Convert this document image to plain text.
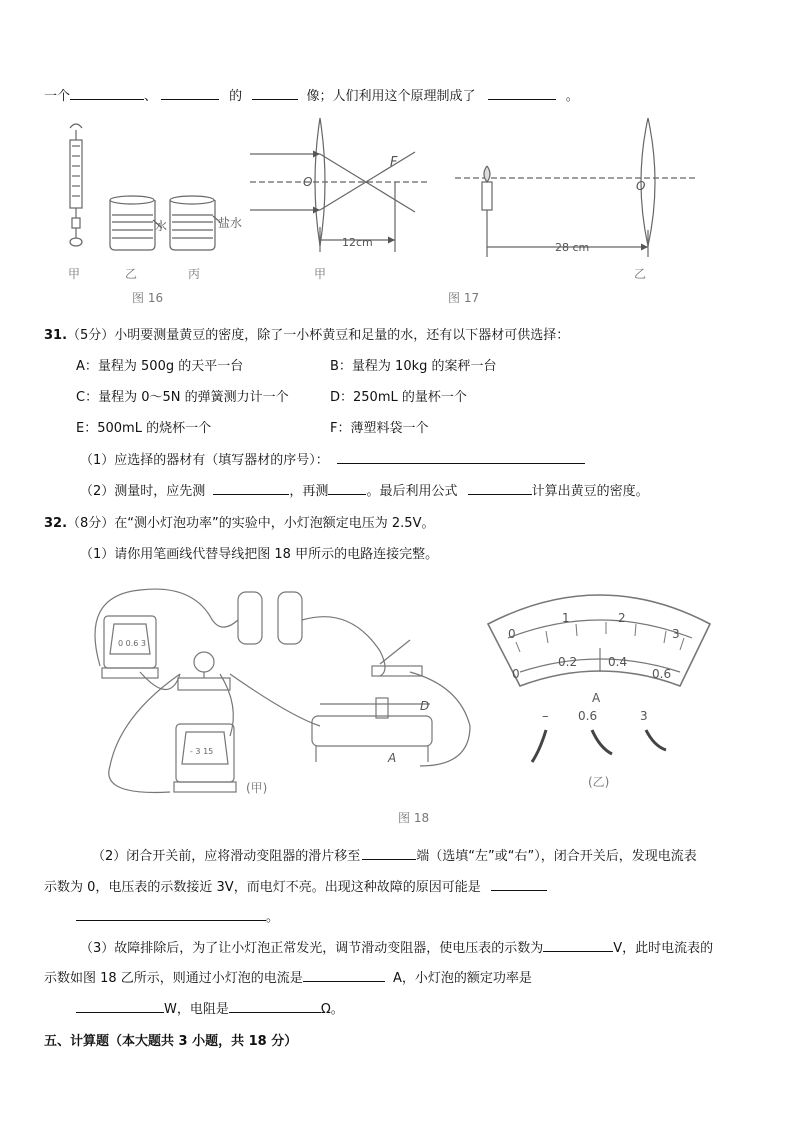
一个	、	的	像；人们利用这个原理制成了	。
水	盐水
甲	乙	丙
图 16
F
O	O
12cm	28 cm
甲	乙
图 17
31.（5分）小明要测量黄豆的密度，除了一小杯黄豆和足量的水，还有以下器材可供选择：
A：量程为 500g 的天平一台	B：量程为 10kg 的案秤一台
C：量程为 0～5N 的弹簧测力计一个	D：250mL 的量杯一个
E：500mL 的烧杯一个	F：薄塑料袋一个
（1）应选择的器材有（填写器材的序号）：
（2）测量时，应先测	，再测	。最后利用公式	计算出黄豆的密度。
32.（8分）在“测小灯泡功率”的实验中，小灯泡额定电压为 2.5V。
（1）请你用笔画线代替导线把图 18 甲所示的电路连接完整。
0
1	2
3
0
0.2	0.4
0.6
A
– 0.6	3
0 0.6 3
- 3 15
D
A
(甲)	(乙)
图 18
（2）闭合开关前，应将滑动变阻器的滑片移至	端（选填“左”或“右”），闭合开关后，发现电流表
示数为 0，电压表的示数接近 3V，而电灯不亮。出现这种故障的原因可能是
。
（3）故障排除后，为了让小灯泡正常发光，调节滑动变阻器，使电压表的示数为	V，此时电流表的
示数如图 18 乙所示，则通过小灯泡的电流是	A，小灯泡的额定功率是
W，电阻是	Ω。
五、计算题（本大题共 3 小题，共 18 分）
